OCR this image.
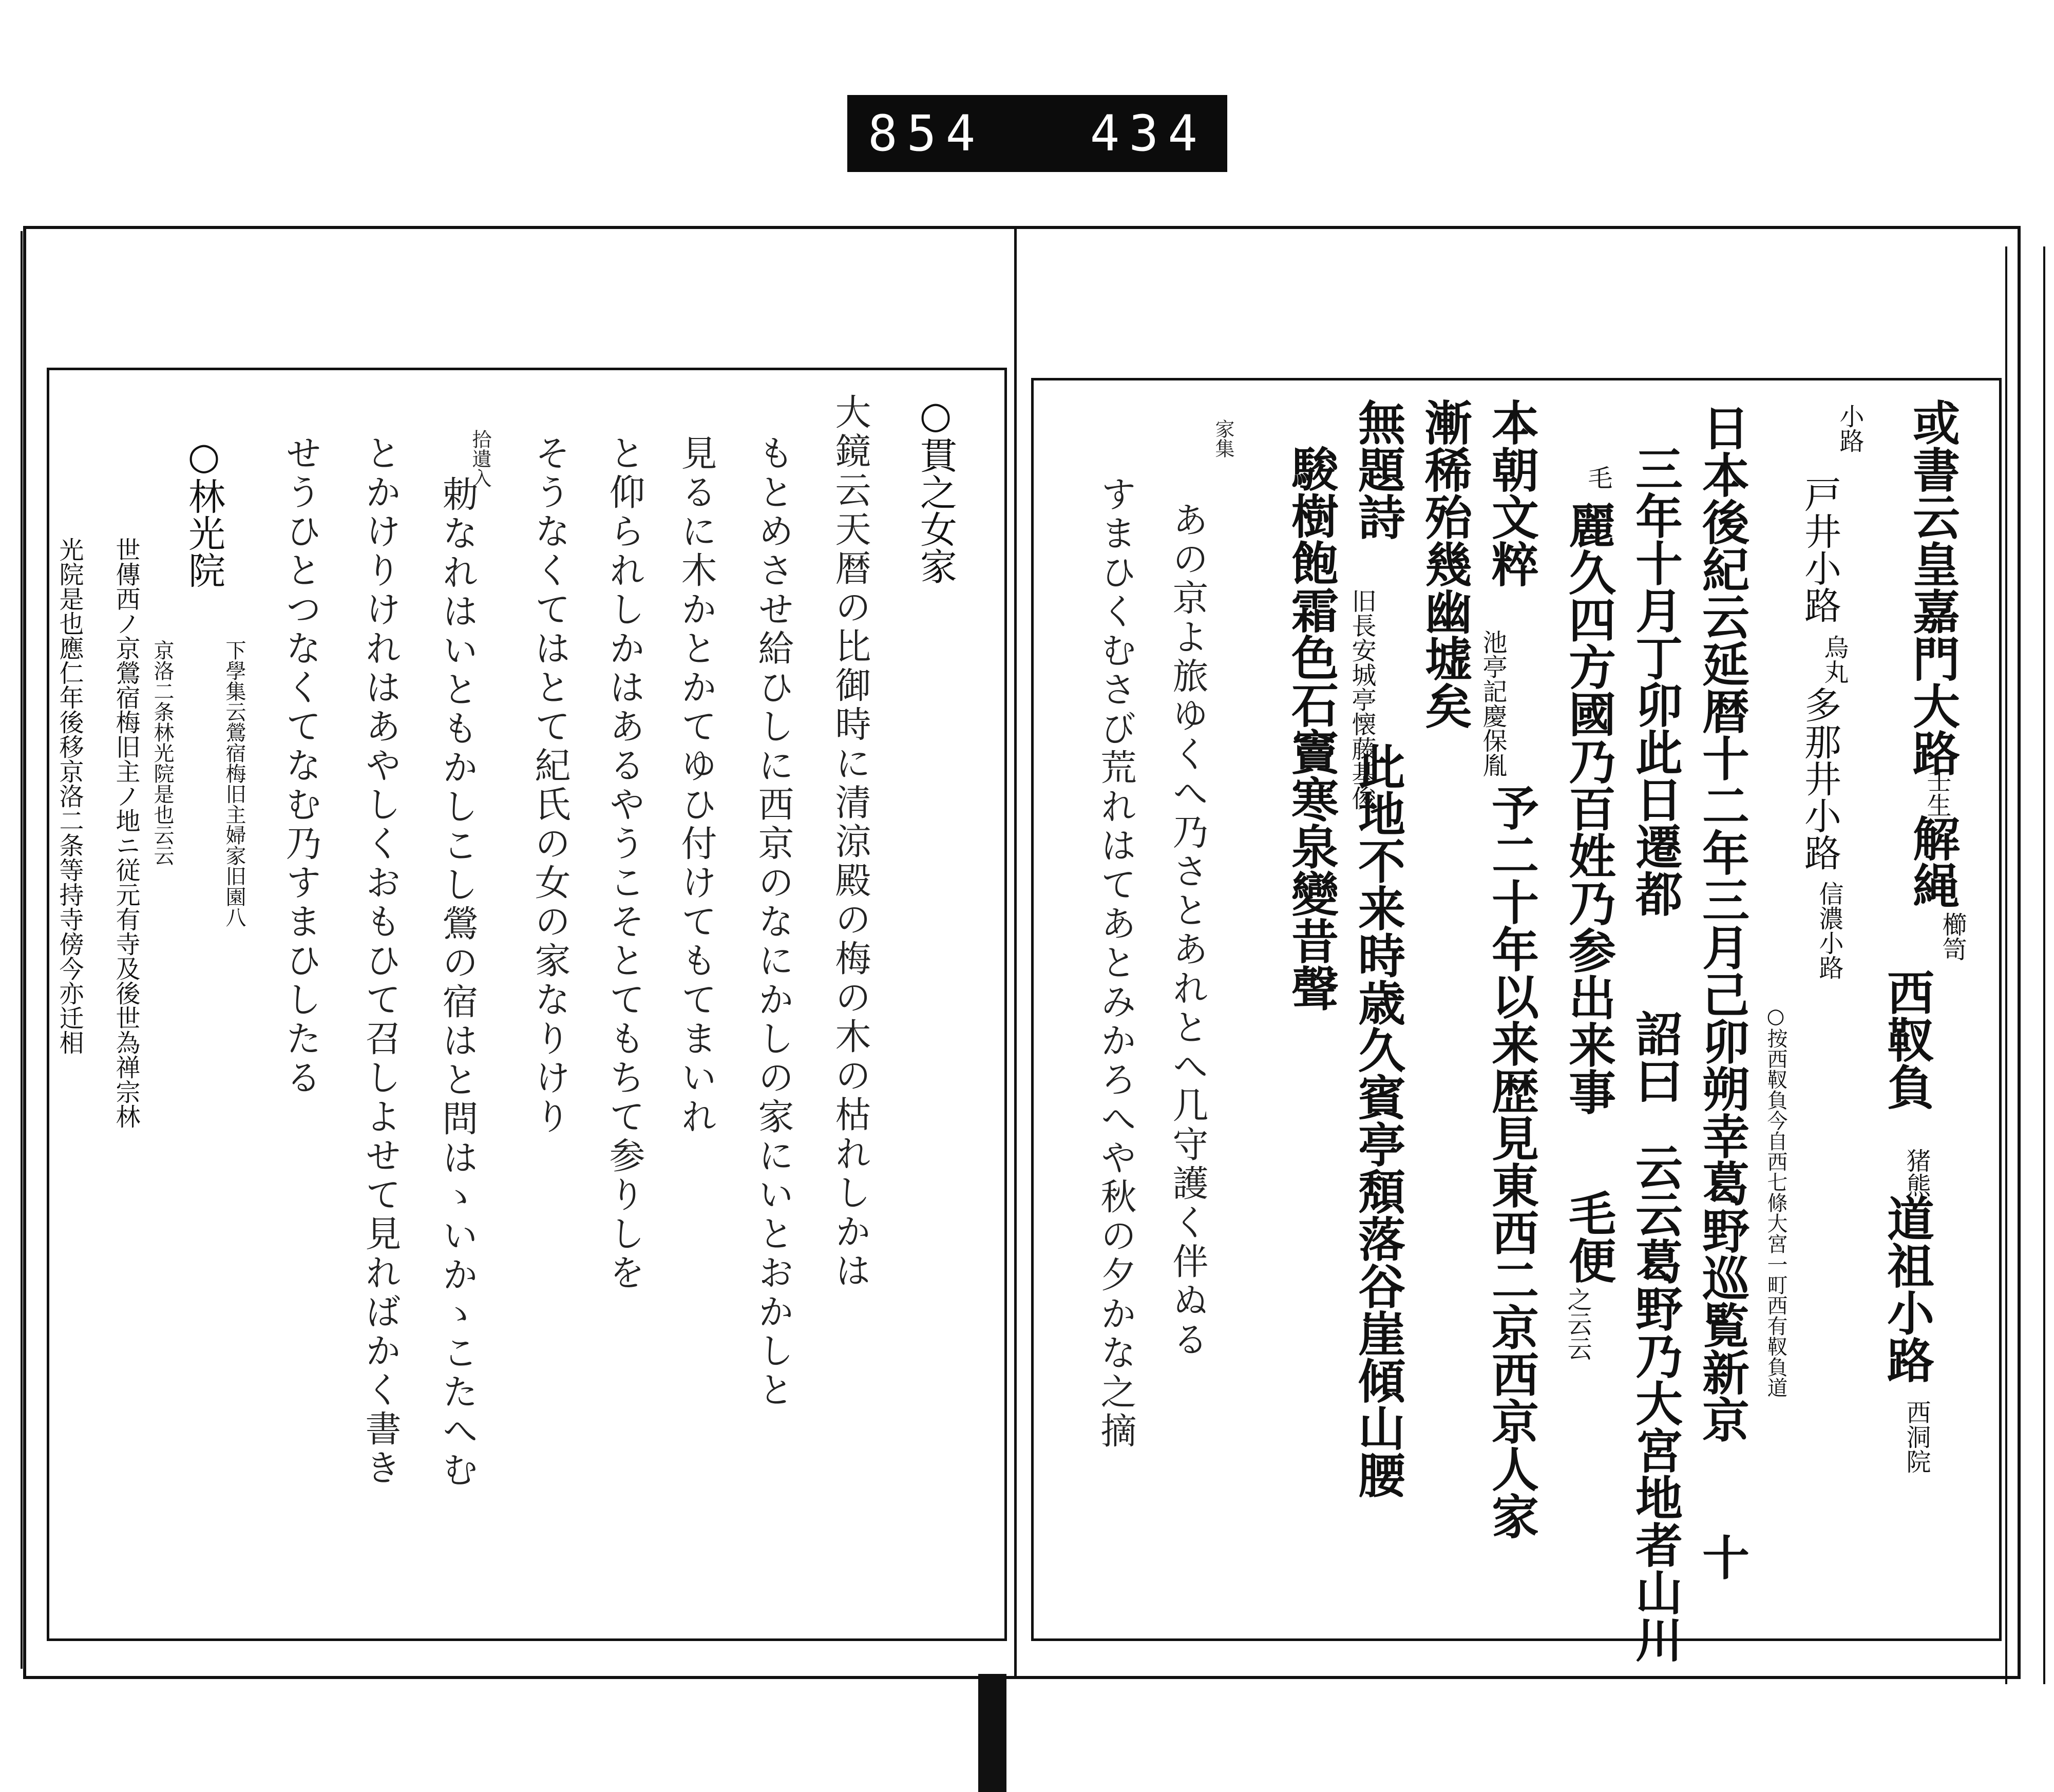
854 434
○貫之女家
大鏡云天暦の比御時に清涼殿の梅の木の枯れしかは
もとめさせ給ひしに西京のなにかしの家にいとおかしと
見るに木かとかてゆひ付けてもてまいれ
と仰られしかはあるやうこそとてもちて参りしを
そうなくてはとて紀氏の女の家なりけり
拾遺入
勅なれはいともかしこし鶯の宿はと問はゝいかゝこたへむ
とかけりけれはあやしくおもひて召しよせて見ればかく書き
せうひとつなくてなむ乃すまひしたる
○林光院
下學集云鶯宿梅旧主婦家旧園八
京洛二条林光院是也云云
世傳西ノ京鶯宿梅旧主ノ地ニ従元有寺及後世為禅宗林
光院是也應仁年後移京洛二条等持寺傍今亦迁相	或書云皇嘉門大路
壬生
解䋲
櫛笥
西靫負
猪熊
道祖小路
西洞院
小路
戸井小路
烏丸
多那井小路
信濃小路
○按西靫負今自西七條大宮一町西有靫負道
日本後紀云延暦十二年三月己卯朔幸葛野巡覧新京
十
三年十月丁卯此日遷都
詔曰
云云葛野乃大宮地者山川
毛
麗久四方國乃百姓乃参出来事
毛便
之云云
本朝文粹
池亭記慶保胤
予二十年以来歴見東西二京西京人家
漸稀殆幾幽墟矣
無題詩
旧長安城亭懐藤基俊
此地不来時歳久賓亭頽落谷崖傾山腰
駿樹飽霜色石竇寒泉變昔聲
家集
あの京よ旅ゆくへ乃さとあれとへ几守護く伴ぬる
すまひくむさび荒れはてあとみかろへや秋の夕かな之摘
